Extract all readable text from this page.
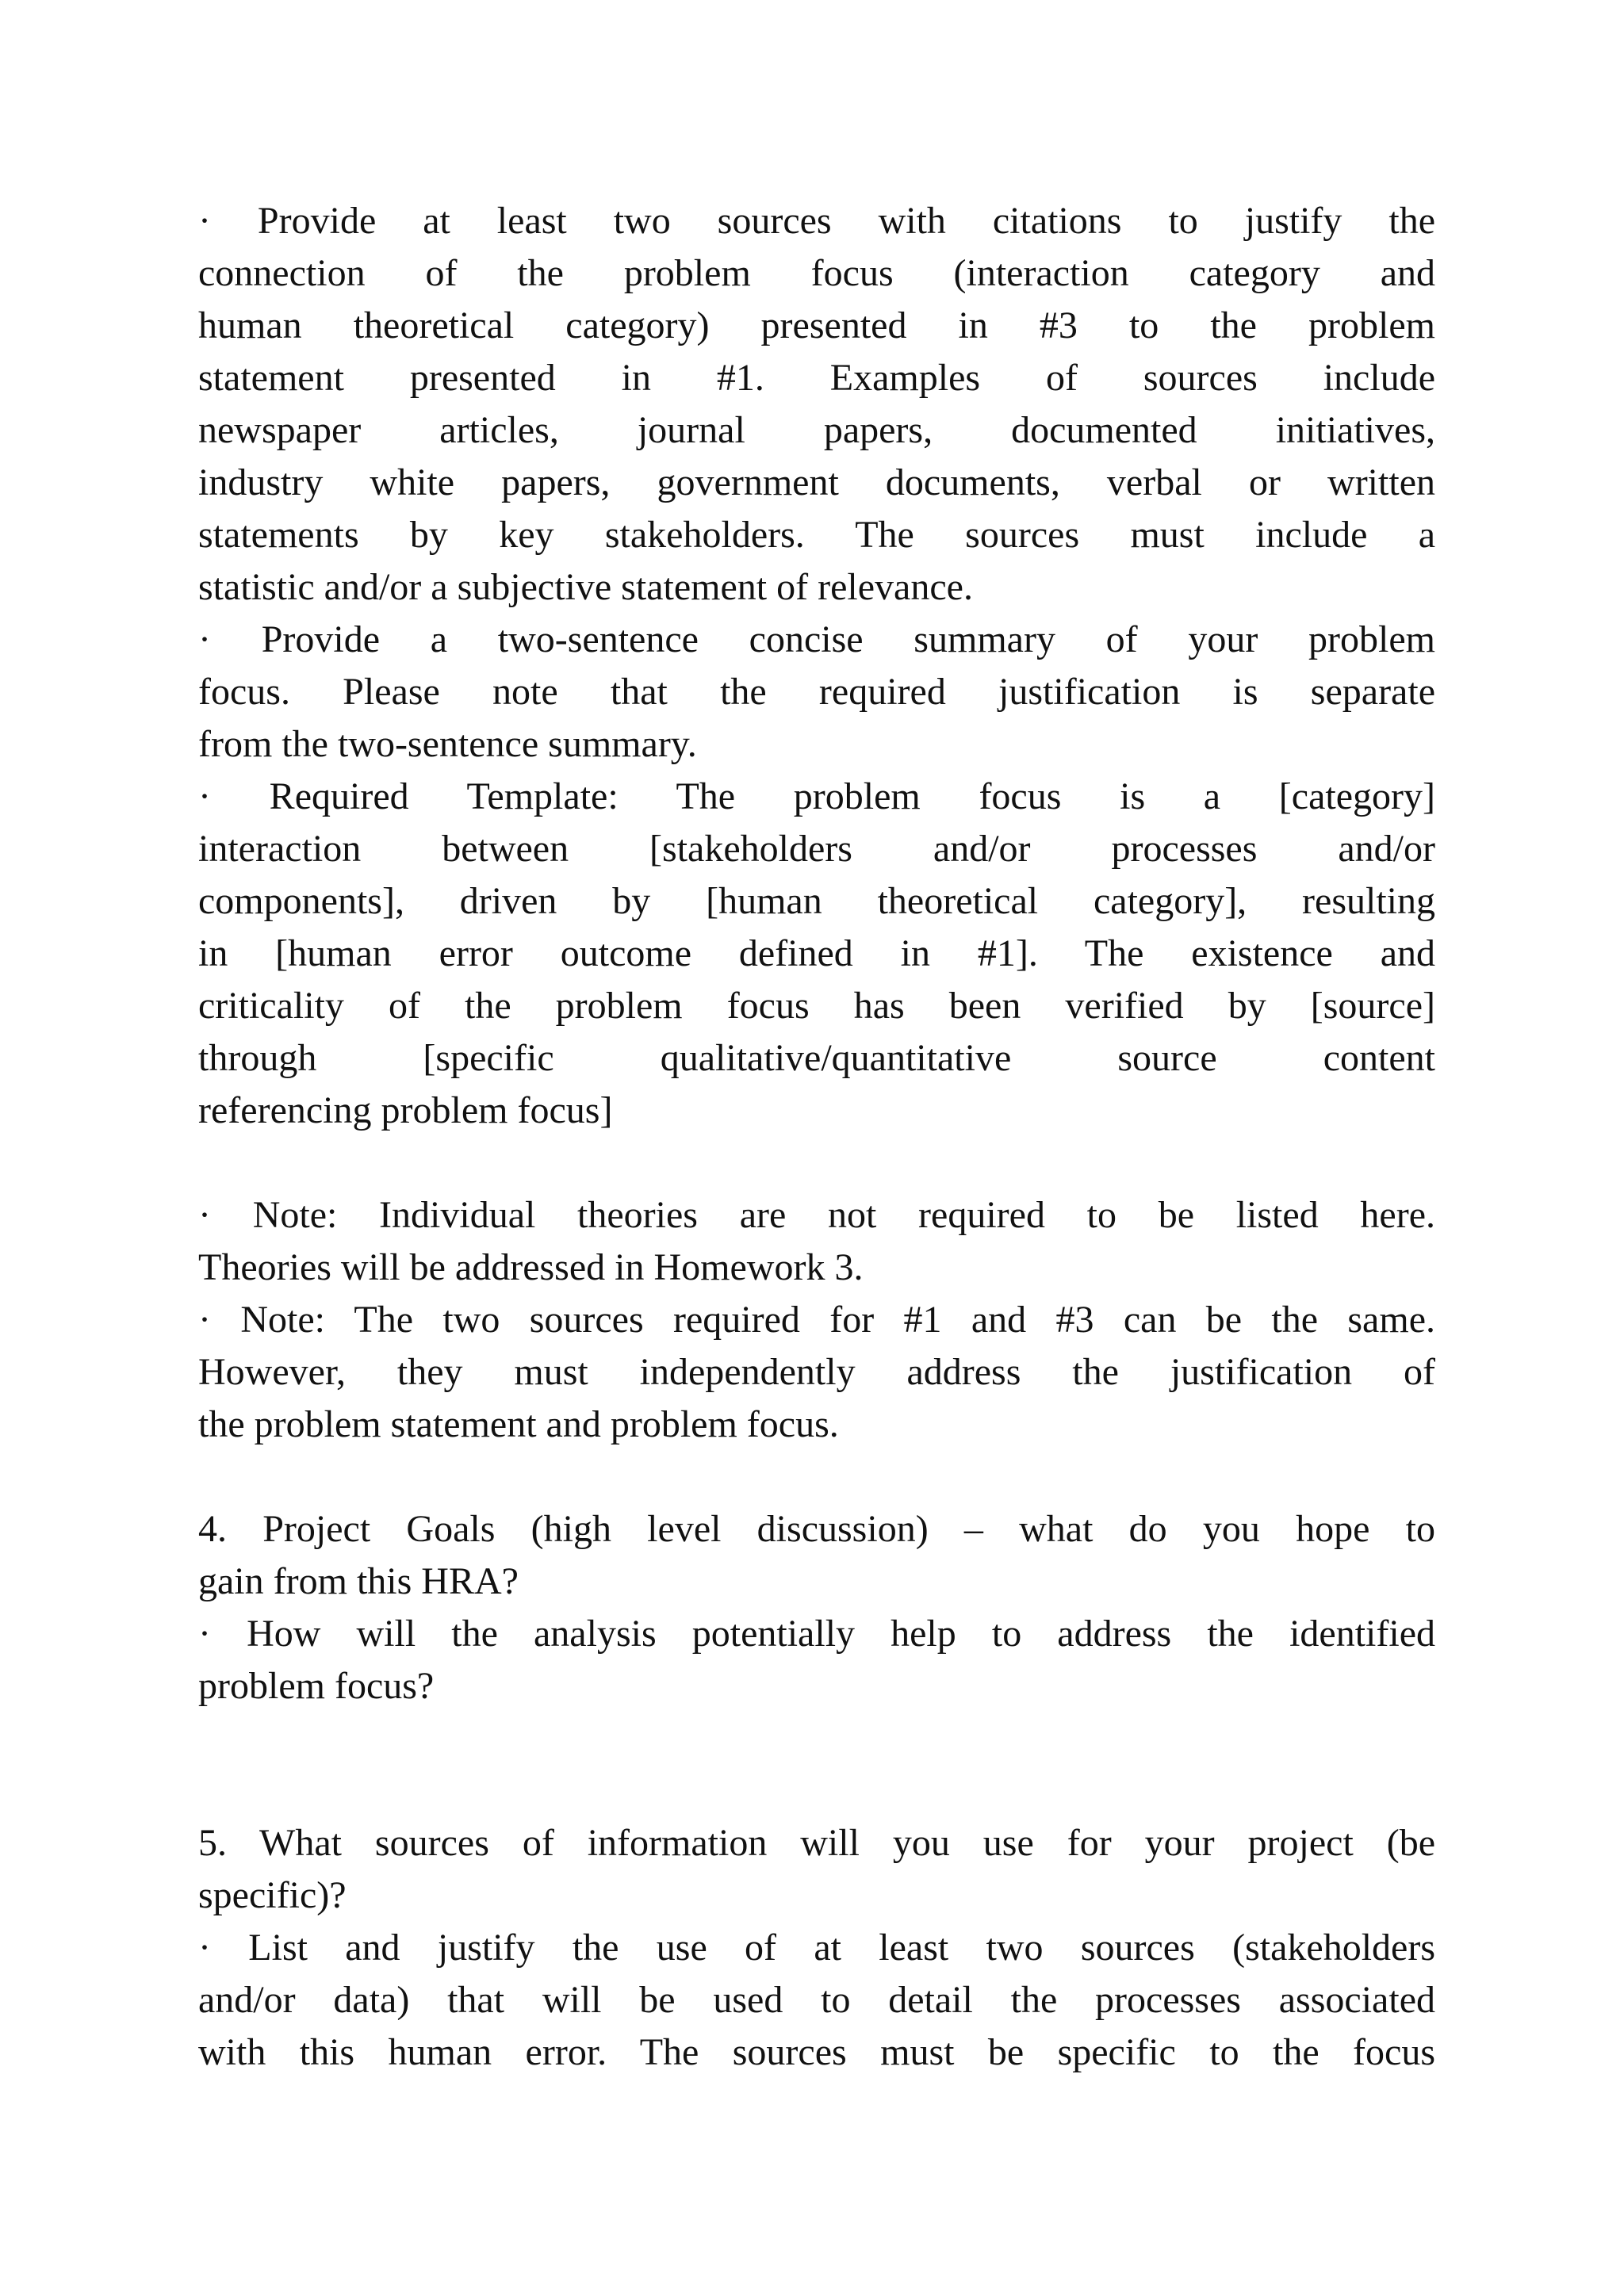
· Provide at least two sources with citations to justify the
connection of the problem focus (interaction category and
human theoretical category) presented in #3 to the problem
statement presented in #1. Examples of sources include
newspaper articles, journal papers, documented initiatives,
industry white papers, government documents, verbal or written
statements by key stakeholders. The sources must include a
statistic and/or a subjective statement of relevance.
· Provide a two-sentence concise summary of your problem
focus. Please note that the required justification is separate
from the two-sentence summary.
· Required Template: The problem focus is a [category]
interaction between [stakeholders and/or processes and/or
components], driven by [human theoretical category], resulting
in [human error outcome defined in #1]. The existence and
criticality of the problem focus has been verified by [source]
through [specific qualitative/quantitative source content
referencing problem focus]
· Note: Individual theories are not required to be listed here.
Theories will be addressed in Homework 3.
· Note: The two sources required for #1 and #3 can be the same.
However, they must independently address the justification of
the problem statement and problem focus.
4. Project Goals (high level discussion) – what do you hope to
gain from this HRA?
· How will the analysis potentially help to address the identified
problem focus?
5. What sources of information will you use for your project (be
specific)?
· List and justify the use of at least two sources (stakeholders
and/or data) that will be used to detail the processes associated
with this human error. The sources must be specific to the focus
